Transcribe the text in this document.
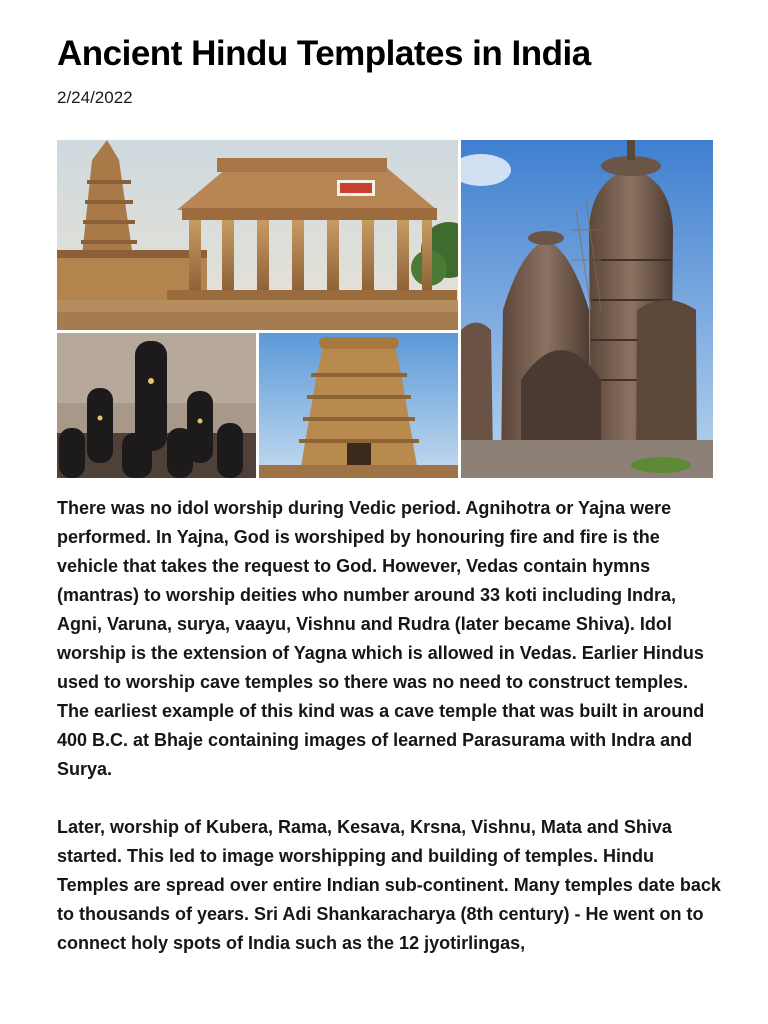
Ancient Hindu Templates in India
2/24/2022

There was no idol worship during Vedic period. Agnihotra or Yajna were performed. In Yajna, God is worshiped by honouring fire and fire is the vehicle that takes the request to God. However, Vedas contain hymns (mantras) to worship deities who number around 33 koti including Indra, Agni, Varuna, surya, vaayu, Vishnu and Rudra (later became Shiva). Idol worship is the extension of Yagna which is allowed in Vedas. Earlier Hindus used to worship cave temples so there was no need to construct temples. The earliest example of this kind was a cave temple that was built in around 400 B.C. at Bhaje containing images of learned Parasurama with Indra and Surya.

Later, worship of Kubera, Rama, Kesava, Krsna, Vishnu, Mata and Shiva started. This led to image worshipping and building of temples. Hindu Temples are spread over entire Indian sub-continent. Many temples date back to thousands of years. Sri Adi Shankaracharya (8th century) - He went on to connect holy spots of India such as the 12 jyotirlingas,
